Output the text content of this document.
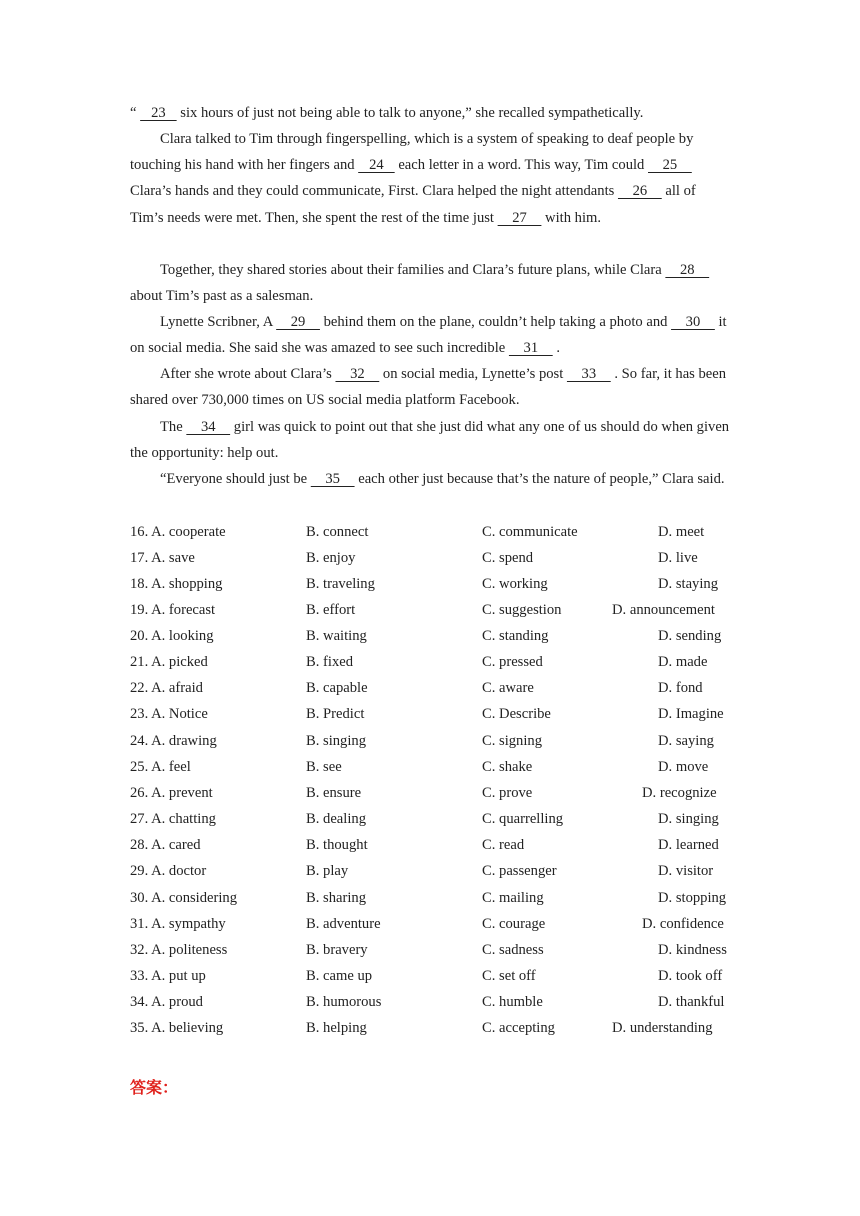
“    23    six hours of just not being able to talk to anyone,” she recalled sympathetically.

Clara talked to Tim through fingerspelling, which is a system of speaking to deaf people by touching his hand with her fingers and    24    each letter in a word. This way, Tim could     25     Clara’s hands and they could communicate, First. Clara helped the night attendants     26     all of Tim’s needs were met. Then, she spent the rest of the time just     27     with him.

Together, they shared stories about their families and Clara’s future plans, while Clara     28     about Tim’s past as a salesman.

Lynette Scribner, A     29     behind them on the plane, couldn’t help taking a photo and     30     it on social media. She said she was amazed to see such incredible     31     .

After she wrote about Clara’s     32     on social media, Lynette’s post     33     . So far, it has been shared over 730,000 times on US social media platform Facebook.

The     34     girl was quick to point out that she just did what any one of us should do when given the opportunity: help out.

“Everyone should just be     35     each other just because that’s the nature of people,” Clara said.

16. A. cooperate	B. connect	C. communicate	D. meet
17. A. save	B. enjoy	C. spend	D. live
18. A. shopping	B. traveling	C. working	D. staying
19. A. forecast	B. effort	C. suggestion	D. announcement
20. A. looking	B. waiting	C. standing	D. sending
21. A. picked	B. fixed	C. pressed	D. made
22. A. afraid	B. capable	C. aware	D. fond
23. A. Notice	B. Predict	C. Describe	D. Imagine
24. A. drawing	B. singing	C. signing	D. saying
25. A. feel	B. see	C. shake	D. move
26. A. prevent	B. ensure	C. prove	D. recognize
27. A. chatting	B. dealing	C. quarrelling	D. singing
28. A. cared	B. thought	C. read	D. learned
29. A. doctor	B. play	C. passenger	D. visitor
30. A. considering	B. sharing	C. mailing	D. stopping
31. A. sympathy	B. adventure	C. courage	D. confidence
32. A. politeness	B. bravery	C. sadness	D. kindness
33. A. put up	B. came up	C. set off	D. took off
34. A. proud	B. humorous	C. humble	D. thankful
35. A. believing	B. helping	C. accepting	D. understanding
答案：
